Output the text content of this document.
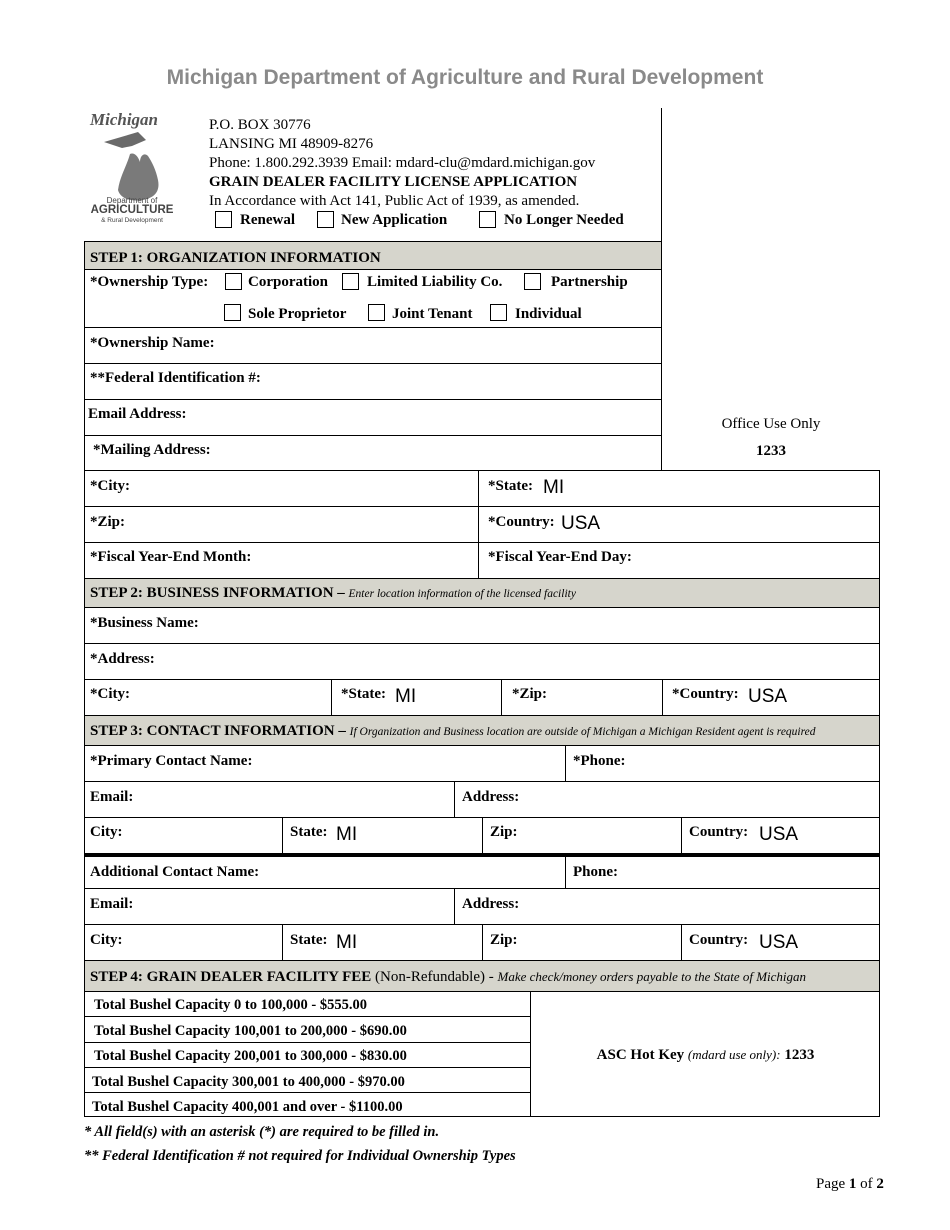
Michigan Department of Agriculture and Rural Development
Michigan
Department of
AGRICULTURE
& Rural Development
P.O. BOX 30776
LANSING MI 48909-8276
Phone: 1.800.292.3939 Email: mdard-clu@mdard.michigan.gov
GRAIN DEALER FACILITY LICENSE APPLICATION
In Accordance with Act 141, Public Act of 1939, as amended.
Renewal	New Application	No Longer Needed
Office Use Only
1233
STEP 1: ORGANIZATION INFORMATION
*Ownership Type:	Corporation	Limited Liability Co.	Partnership
Sole Proprietor	Joint Tenant	Individual
*Ownership Name:
**Federal Identification #:
Email Address:
*Mailing Address:
*City:	*State: MI
*Zip:	*Country: USA
*Fiscal Year-End Month:	*Fiscal Year-End Day:
STEP 2: BUSINESS INFORMATION – Enter location information of the licensed facility
*Business Name:
*Address:
*City:	*State: MI	*Zip:	*Country: USA
STEP 3: CONTACT INFORMATION – If Organization and Business location are outside of Michigan a Michigan Resident agent is required
*Primary Contact Name:	*Phone:
Email:	Address:
City:	State: MI	Zip:	Country: USA
Additional Contact Name:	Phone:
Email:	Address:
City:	State: MI	Zip:	Country: USA
STEP 4: GRAIN DEALER FACILITY FEE (Non-Refundable) - Make check/money orders payable to the State of Michigan
Total Bushel Capacity 0 to 100,000 - $555.00
Total Bushel Capacity 100,001 to 200,000 - $690.00
Total Bushel Capacity 200,001 to 300,000 - $830.00
Total Bushel Capacity 300,001 to 400,000 - $970.00
Total Bushel Capacity 400,001 and over - $1100.00
ASC Hot Key (mdard use only): 1233
* All field(s) with an asterisk (*) are required to be filled in.
** Federal Identification # not required for Individual Ownership Types
Page 1 of 2
